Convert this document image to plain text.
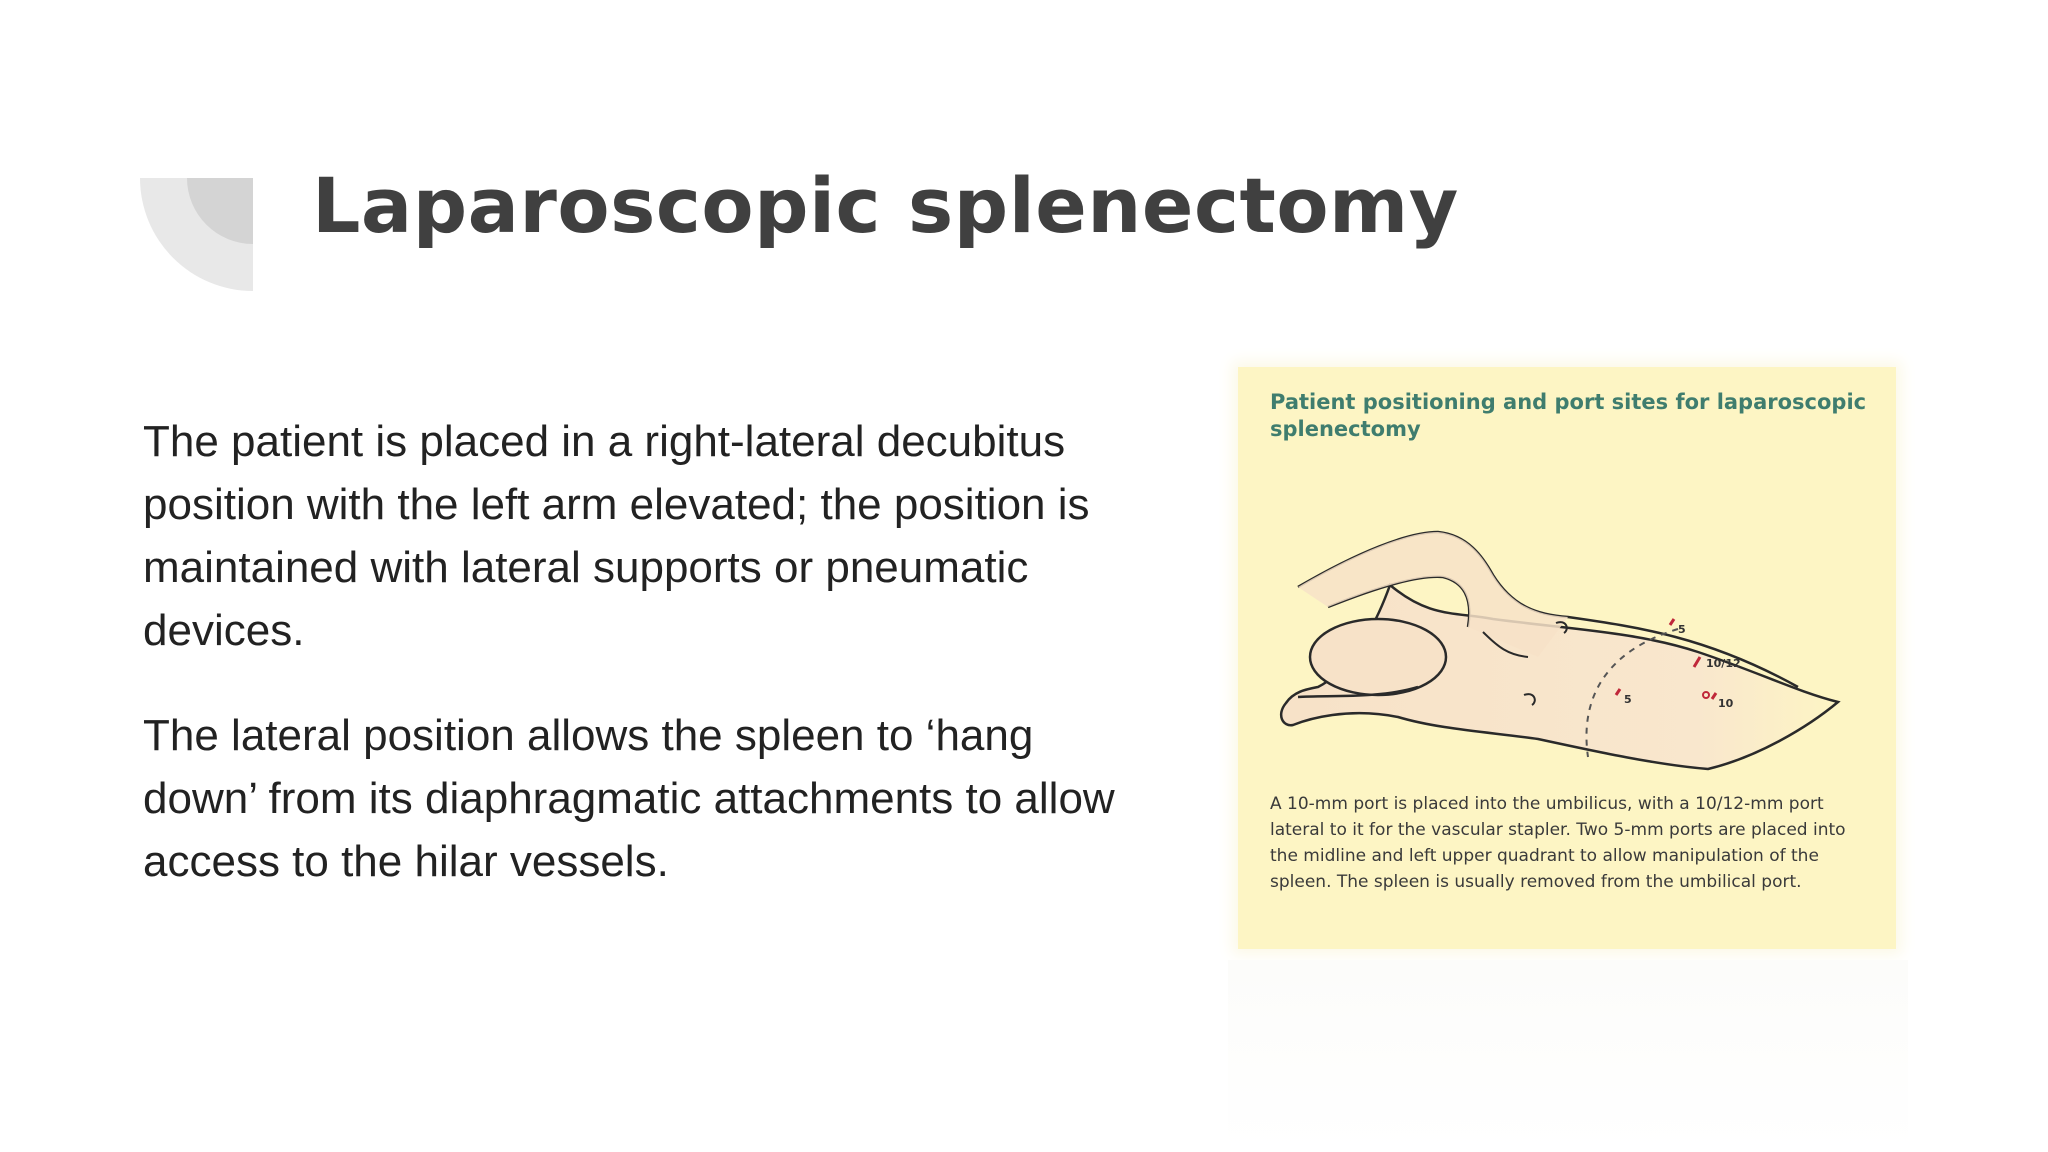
Laparoscopic splenectomy

The patient is placed in a right-lateral decubitus position with the left arm elevated; the position is maintained with lateral supports or pneumatic devices.

The lateral position allows the spleen to ‘hang down’ from its diaphragmatic attachments to allow access to the hilar vessels.

Patient positioning and port sites for laparoscopic splenectomy

5
10/12
5	10

A 10-mm port is placed into the umbilicus, with a 10/12-mm port lateral to it for the vascular stapler. Two 5-mm ports are placed into the midline and left upper quadrant to allow manipulation of the spleen. The spleen is usually removed from the umbilical port.
